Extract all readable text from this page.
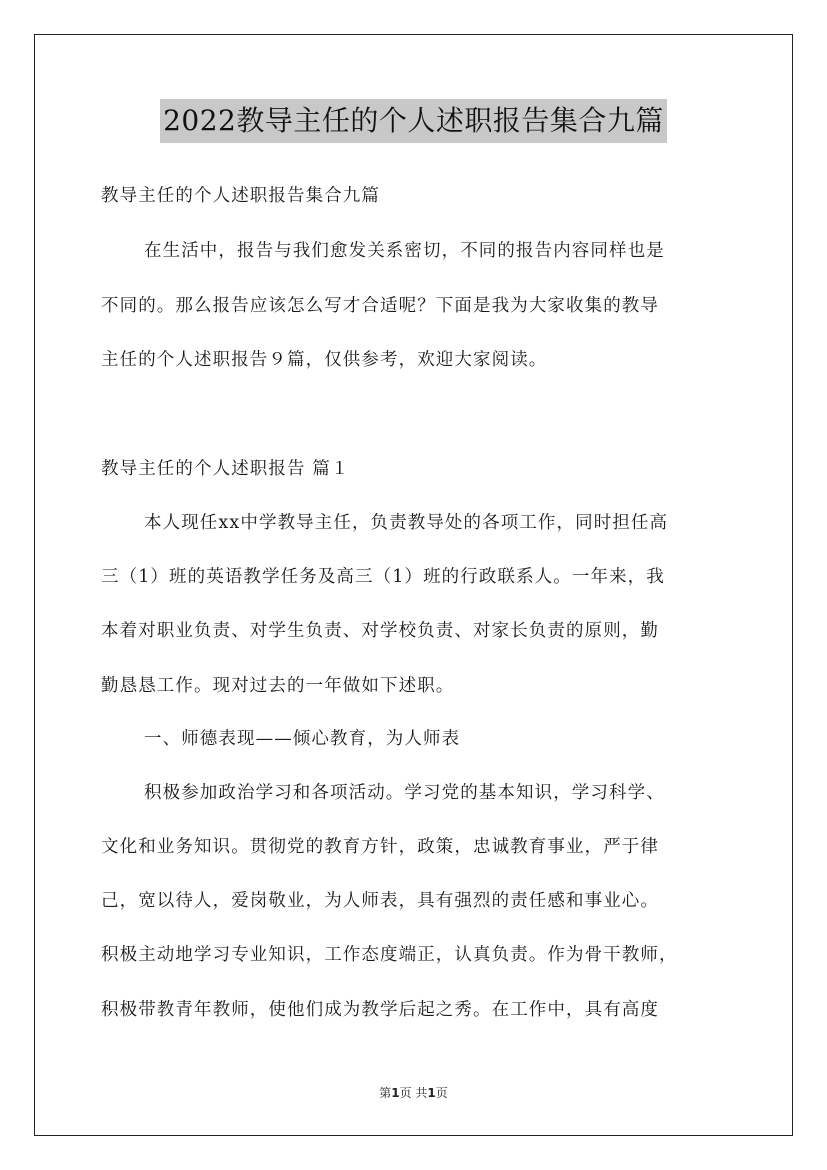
2022教导主任的个人述职报告集合九篇
教导主任的个人述职报告集合九篇
在生活中，报告与我们愈发关系密切，不同的报告内容同样也是
不同的。那么报告应该怎么写才合适呢？下面是我为大家收集的教导
主任的个人述职报告９篇，仅供参考，欢迎大家阅读。
教导主任的个人述职报告 篇１
本人现任xx中学教导主任，负责教导处的各项工作，同时担任高
三（1）班的英语教学任务及高三（1）班的行政联系人。一年来，我
本着对职业负责、对学生负责、对学校负责、对家长负责的原则，勤
勤恳恳工作。现对过去的一年做如下述职。
一、师德表现——倾心教育，为人师表
积极参加政治学习和各项活动。学习党的基本知识，学习科学、
文化和业务知识。贯彻党的教育方针，政策，忠诚教育事业，严于律
己，宽以待人，爱岗敬业，为人师表，具有强烈的责任感和事业心。
积极主动地学习专业知识，工作态度端正，认真负责。作为骨干教师，
积极带教青年教师，使他们成为教学后起之秀。在工作中，具有高度
第1页 共1页
